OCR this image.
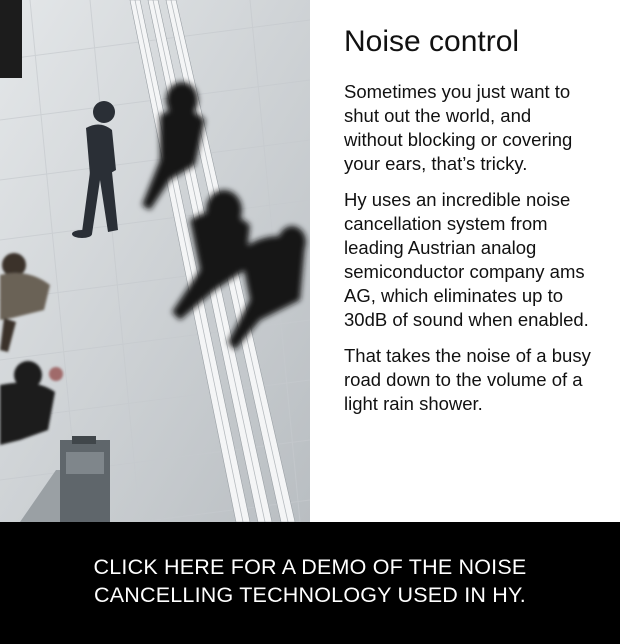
Noise control

Sometimes you just want to shut out the world, and without blocking or covering your ears, that’s tricky.

Hy uses an incredible noise cancellation system from leading Austrian analog semiconductor company ams AG, which eliminates up to 30dB of sound when enabled.

That takes the noise of a busy road down to the volume of a light rain shower.

CLICK HERE FOR A DEMO OF THE NOISE CANCELLING TECHNOLOGY USED IN HY.
